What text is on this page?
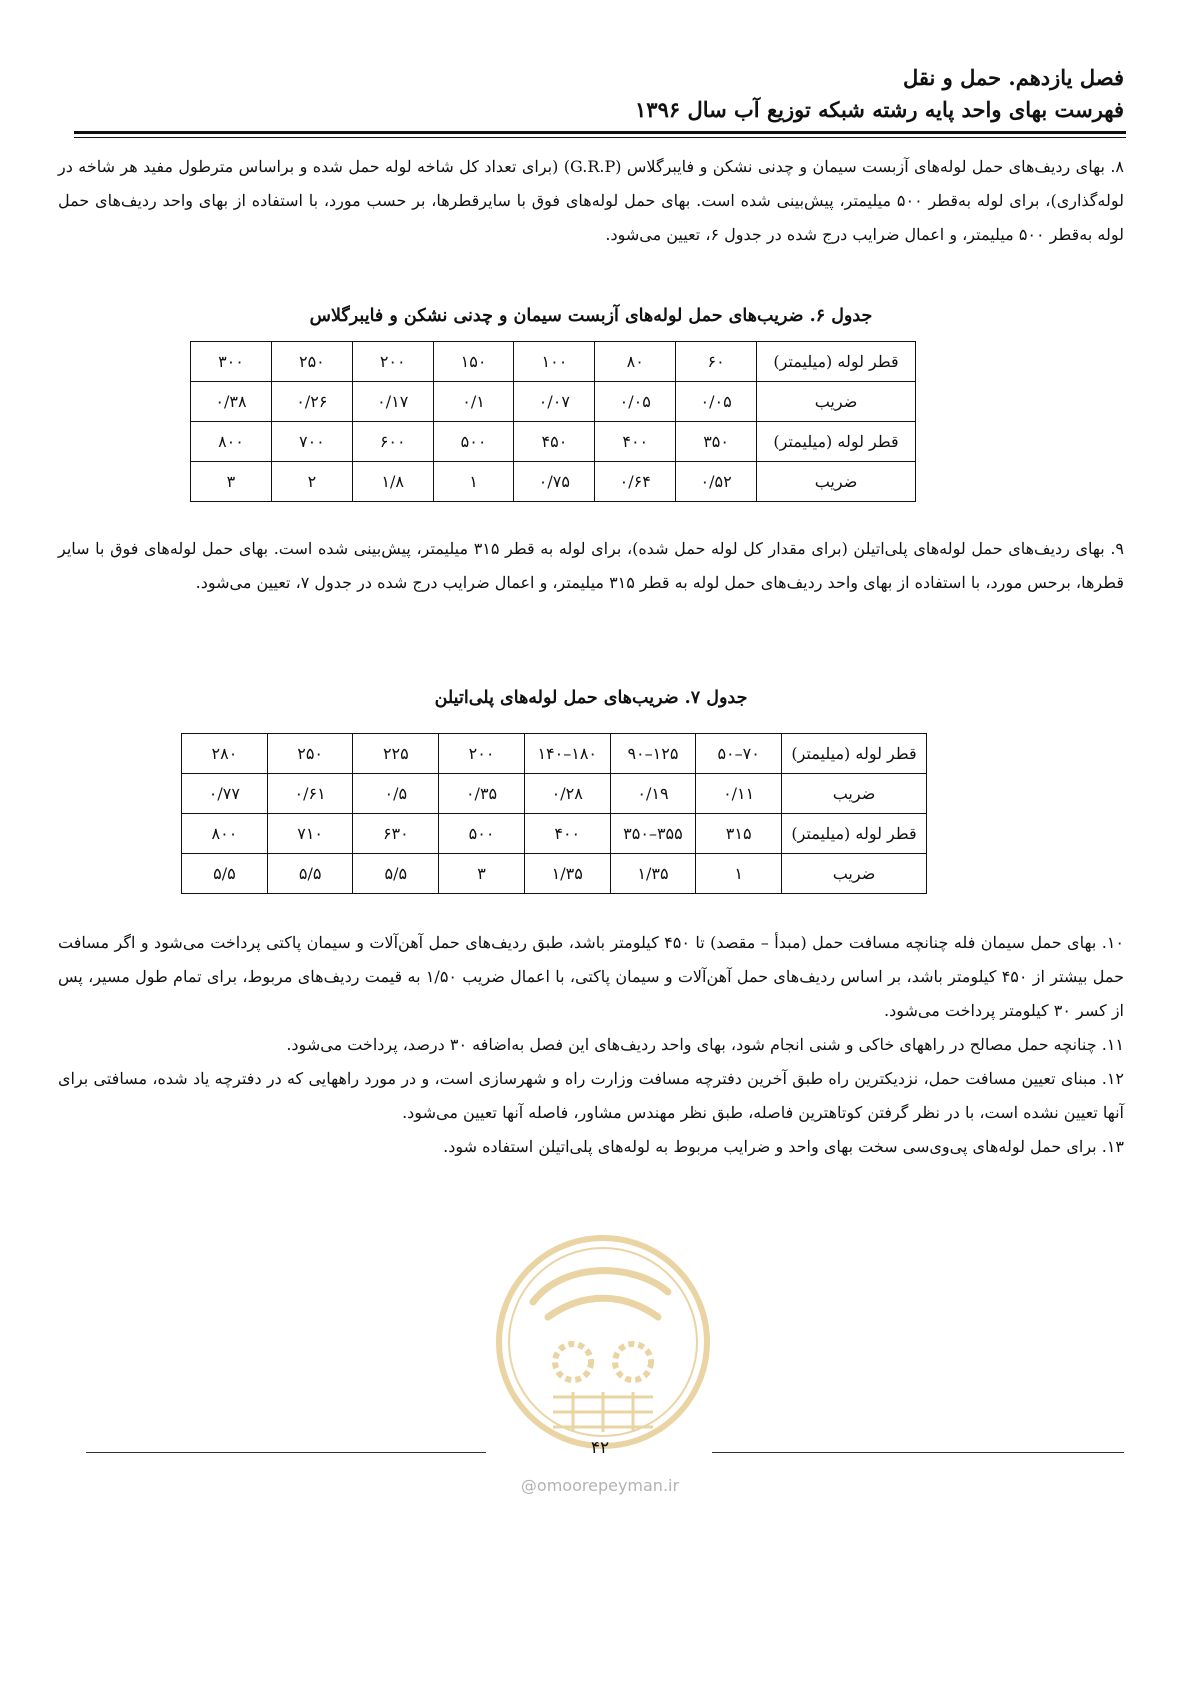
فصل یازدهم. حمل و نقل
فهرست بهای واحد پایه رشته شبکه توزیع آب سال ۱۳۹۶

۸. بهای ردیف‌های حمل لوله‌های آزبست سیمان و چدنی نشکن و فایبرگلاس (G.R.P) (برای تعداد کل شاخه لوله حمل شده و براساس مترطول مفید هر شاخه در لوله‌گذاری)، برای لوله به‌قطر ۵۰۰ میلیمتر، پیش‌بینی شده است. بهای حمل لوله‌های فوق با سایرقطرها، بر حسب مورد، با استفاده از بهای واحد ردیف‌های حمل لوله به‌قطر ۵۰۰ میلیمتر، و اعمال ضرایب درج شده در جدول ۶، تعیین می‌شود.

جدول ۶. ضریب‌های حمل لوله‌های آزبست سیمان و چدنی نشکن و فایبرگلاس
قطر لوله (میلیمتر)	۶۰	۸۰	۱۰۰	۱۵۰	۲۰۰	۲۵۰	۳۰۰
ضریب	۰/۰۵	۰/۰۵	۰/۰۷	۰/۱	۰/۱۷	۰/۲۶	۰/۳۸
قطر لوله (میلیمتر)	۳۵۰	۴۰۰	۴۵۰	۵۰۰	۶۰۰	۷۰۰	۸۰۰
ضریب	۰/۵۲	۰/۶۴	۰/۷۵	۱	۱/۸	۲	۳

۹. بهای ردیف‌های حمل لوله‌های پلی‌اتیلن (برای مقدار کل لوله حمل شده)، برای لوله به قطر ۳۱۵ میلیمتر، پیش‌بینی شده است. بهای حمل لوله‌های فوق با سایر قطرها، برحس مورد، با استفاده از بهای واحد ردیف‌های حمل لوله به قطر ۳۱۵ میلیمتر، و اعمال ضرایب درج شده در جدول ۷، تعیین می‌شود.

جدول ۷. ضریب‌های حمل لوله‌های پلی‌اتیلن
قطر لوله (میلیمتر)	۷۰–۵۰	۱۲۵–۹۰	۱۸۰–۱۴۰	۲۰۰	۲۲۵	۲۵۰	۲۸۰
ضریب	۰/۱۱	۰/۱۹	۰/۲۸	۰/۳۵	۰/۵	۰/۶۱	۰/۷۷
قطر لوله (میلیمتر)	۳۱۵	۳۵۵–۳۵۰	۴۰۰	۵۰۰	۶۳۰	۷۱۰	۸۰۰
ضریب	۱	۱/۳۵	۱/۳۵	۳	۵/۵	۵/۵	۵/۵

۱۰. بهای حمل سیمان فله چنانچه مسافت حمل (مبدأ – مقصد) تا ۴۵۰ کیلومتر باشد، طبق ردیف‌های حمل آهن‌آلات و سیمان پاکتی پرداخت می‌شود و اگر مسافت حمل بیشتر از ۴۵۰ کیلومتر باشد، بر اساس ردیف‌های حمل آهن‌آلات و سیمان پاکتی، با اعمال ضریب ۱/۵۰ به قیمت ردیف‌های مربوط، برای تمام طول مسیر، پس از کسر ۳۰ کیلومتر پرداخت می‌شود.

۱۱. چنانچه حمل مصالح در راههای خاکی و شنی انجام شود، بهای واحد ردیف‌های این فصل به‌اضافه ۳۰ درصد، پرداخت می‌شود.

۱۲. مبنای تعیین مسافت حمل، نزدیکترین راه طبق آخرین دفترچه مسافت وزارت راه و شهرسازی است، و در مورد راههایی که در دفترچه یاد شده، مسافتی برای آنها تعیین نشده است، با در نظر گرفتن کوتاهترین فاصله، طبق نظر مهندس مشاور، فاصله آنها تعیین می‌شود.

۱۳. برای حمل لوله‌های پی‌وی‌سی سخت بهای واحد و ضرایب مربوط به لوله‌های پلی‌اتیلن استفاده شود.

۴۲
@omoorepeyman.ir
